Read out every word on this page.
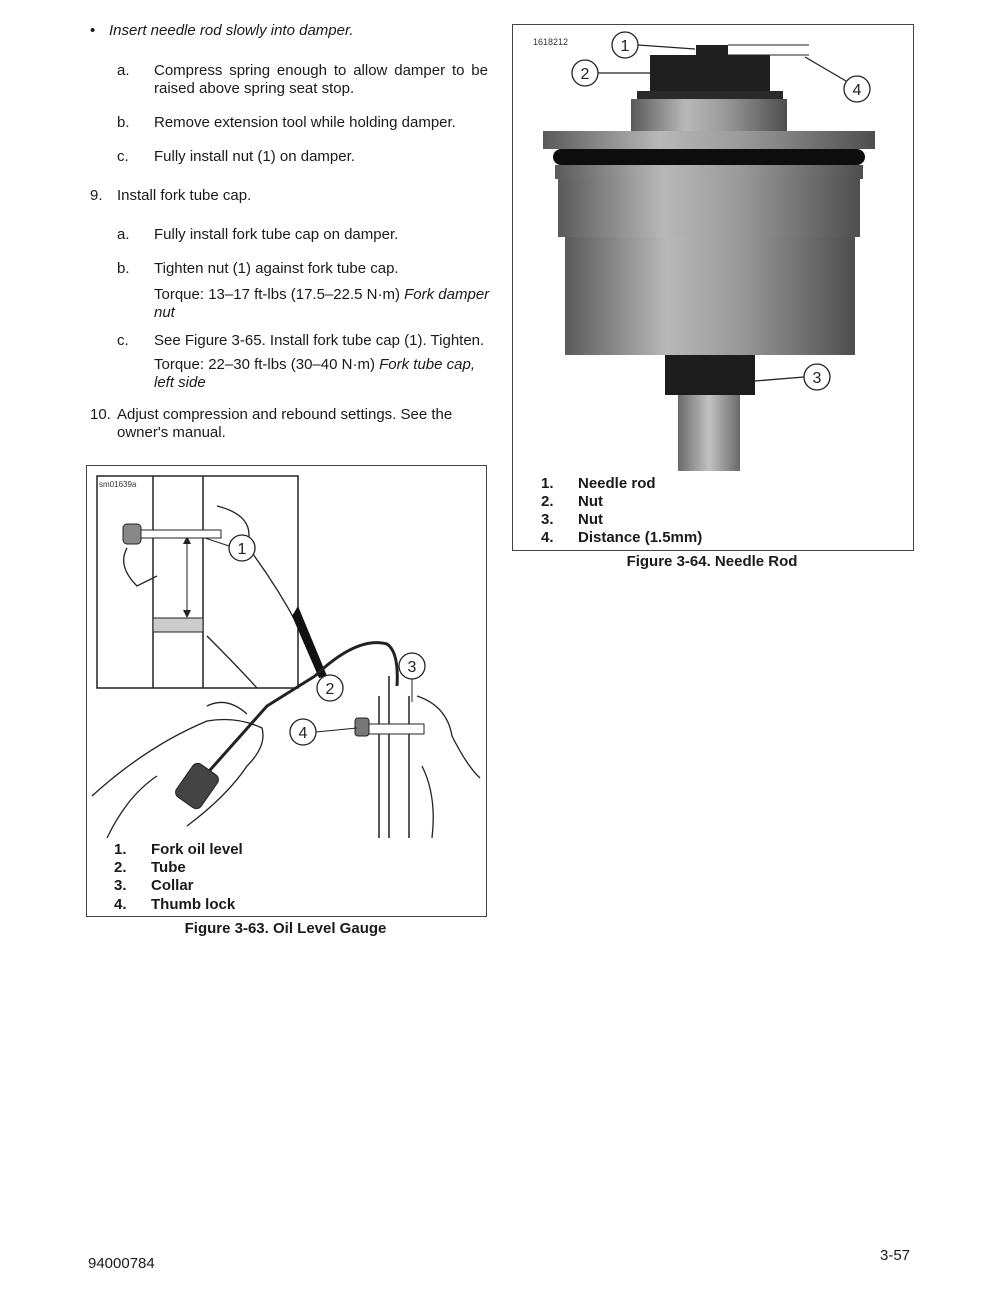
• Insert needle rod slowly into damper.
a. Compress spring enough to allow damper to be raised above spring seat stop.
b. Remove extension tool while holding damper.
c. Fully install nut (1) on damper.
9. Install fork tube cap.
a. Fully install fork tube cap on damper.
b. Tighten nut (1) against fork tube cap.
Torque: 13–17 ft-lbs (17.5–22.5 N·m) Fork damper nut
c. See Figure 3-65. Install fork tube cap (1). Tighten.
Torque: 22–30 ft-lbs (30–40 N·m) Fork tube cap, left side
10. Adjust compression and rebound settings. See the owner's manual.
sm01639a
1
2
3
4
1. Fork oil level
2. Tube
3. Collar
4. Thumb lock
Figure 3-63. Oil Level Gauge
1618212	1
2
3
4
1. Needle rod
2. Nut
3. Nut
4. Distance (1.5mm)
Figure 3-64. Needle Rod
94000784	3-57
